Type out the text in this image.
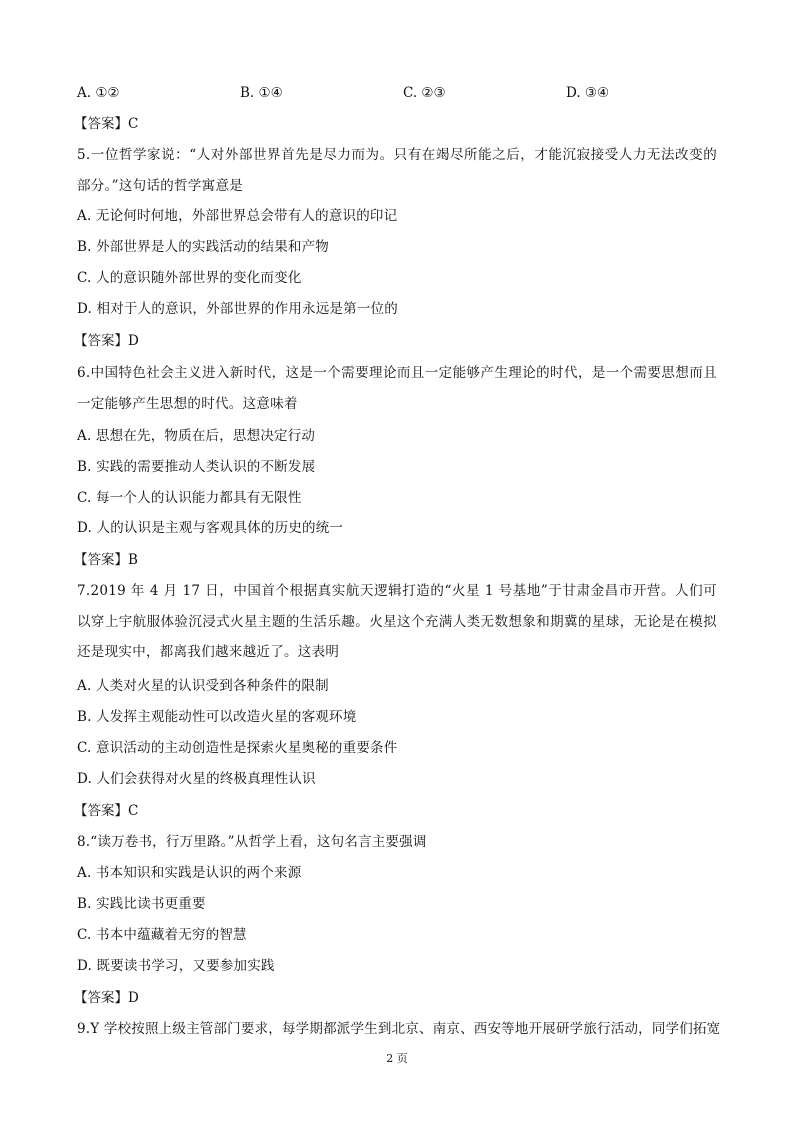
A. ①②	B. ①④	C. ②③	D. ③④
【答案】C
5.一位哲学家说：“人对外部世界首先是尽力而为。只有在竭尽所能之后，才能沉寂接受人力无法改变的部分。”这句话的哲学寓意是
A. 无论何时何地，外部世界总会带有人的意识的印记
B. 外部世界是人的实践活动的结果和产物
C. 人的意识随外部世界的变化而变化
D. 相对于人的意识，外部世界的作用永远是第一位的
【答案】D
6.中国特色社会主义进入新时代，这是一个需要理论而且一定能够产生理论的时代，是一个需要思想而且一定能够产生思想的时代。这意味着
A. 思想在先，物质在后，思想决定行动
B. 实践的需要推动人类认识的不断发展
C. 每一个人的认识能力都具有无限性
D. 人的认识是主观与客观具体的历史的统一
【答案】B
7.2019 年 4 月 17 日，中国首个根据真实航天逻辑打造的“火星 1 号基地”于甘肃金昌市开营。人们可以穿上宇航服体验沉浸式火星主题的生活乐趣。火星这个充满人类无数想象和期冀的星球，无论是在模拟还是现实中，都离我们越来越近了。这表明
A. 人类对火星的认识受到各种条件的限制
B. 人发挥主观能动性可以改造火星的客观环境
C. 意识活动的主动创造性是探索火星奥秘的重要条件
D. 人们会获得对火星的终极真理性认识
【答案】C
8.“读万卷书，行万里路。”从哲学上看，这句名言主要强调
A. 书本知识和实践是认识的两个来源
B. 实践比读书更重要
C. 书本中蕴藏着无穷的智慧
D. 既要读书学习，又要参加实践
【答案】D
9.Y 学校按照上级主管部门要求，每学期都派学生到北京、南京、西安等地开展研学旅行活动，同学们拓宽
2 页
